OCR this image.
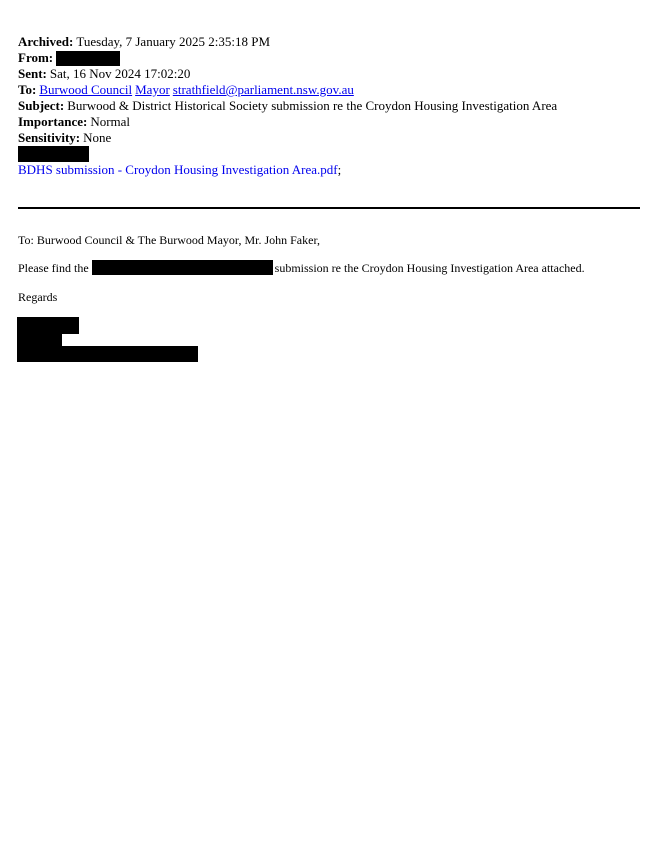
Archived: Tuesday, 7 January 2025 2:35:18 PM
From:
Sent: Sat, 16 Nov 2024 17:02:20
To: Burwood Council Mayor strathfield@parliament.nsw.gov.au
Subject: Burwood & District Historical Society submission re the Croydon Housing Investigation Area
Importance: Normal
Sensitivity: None
BDHS submission - Croydon Housing Investigation Area.pdf ;
To: Burwood Council & The Burwood Mayor, Mr. John Faker,
Please find the	submission re the Croydon Housing Investigation Area attached.
Regards
